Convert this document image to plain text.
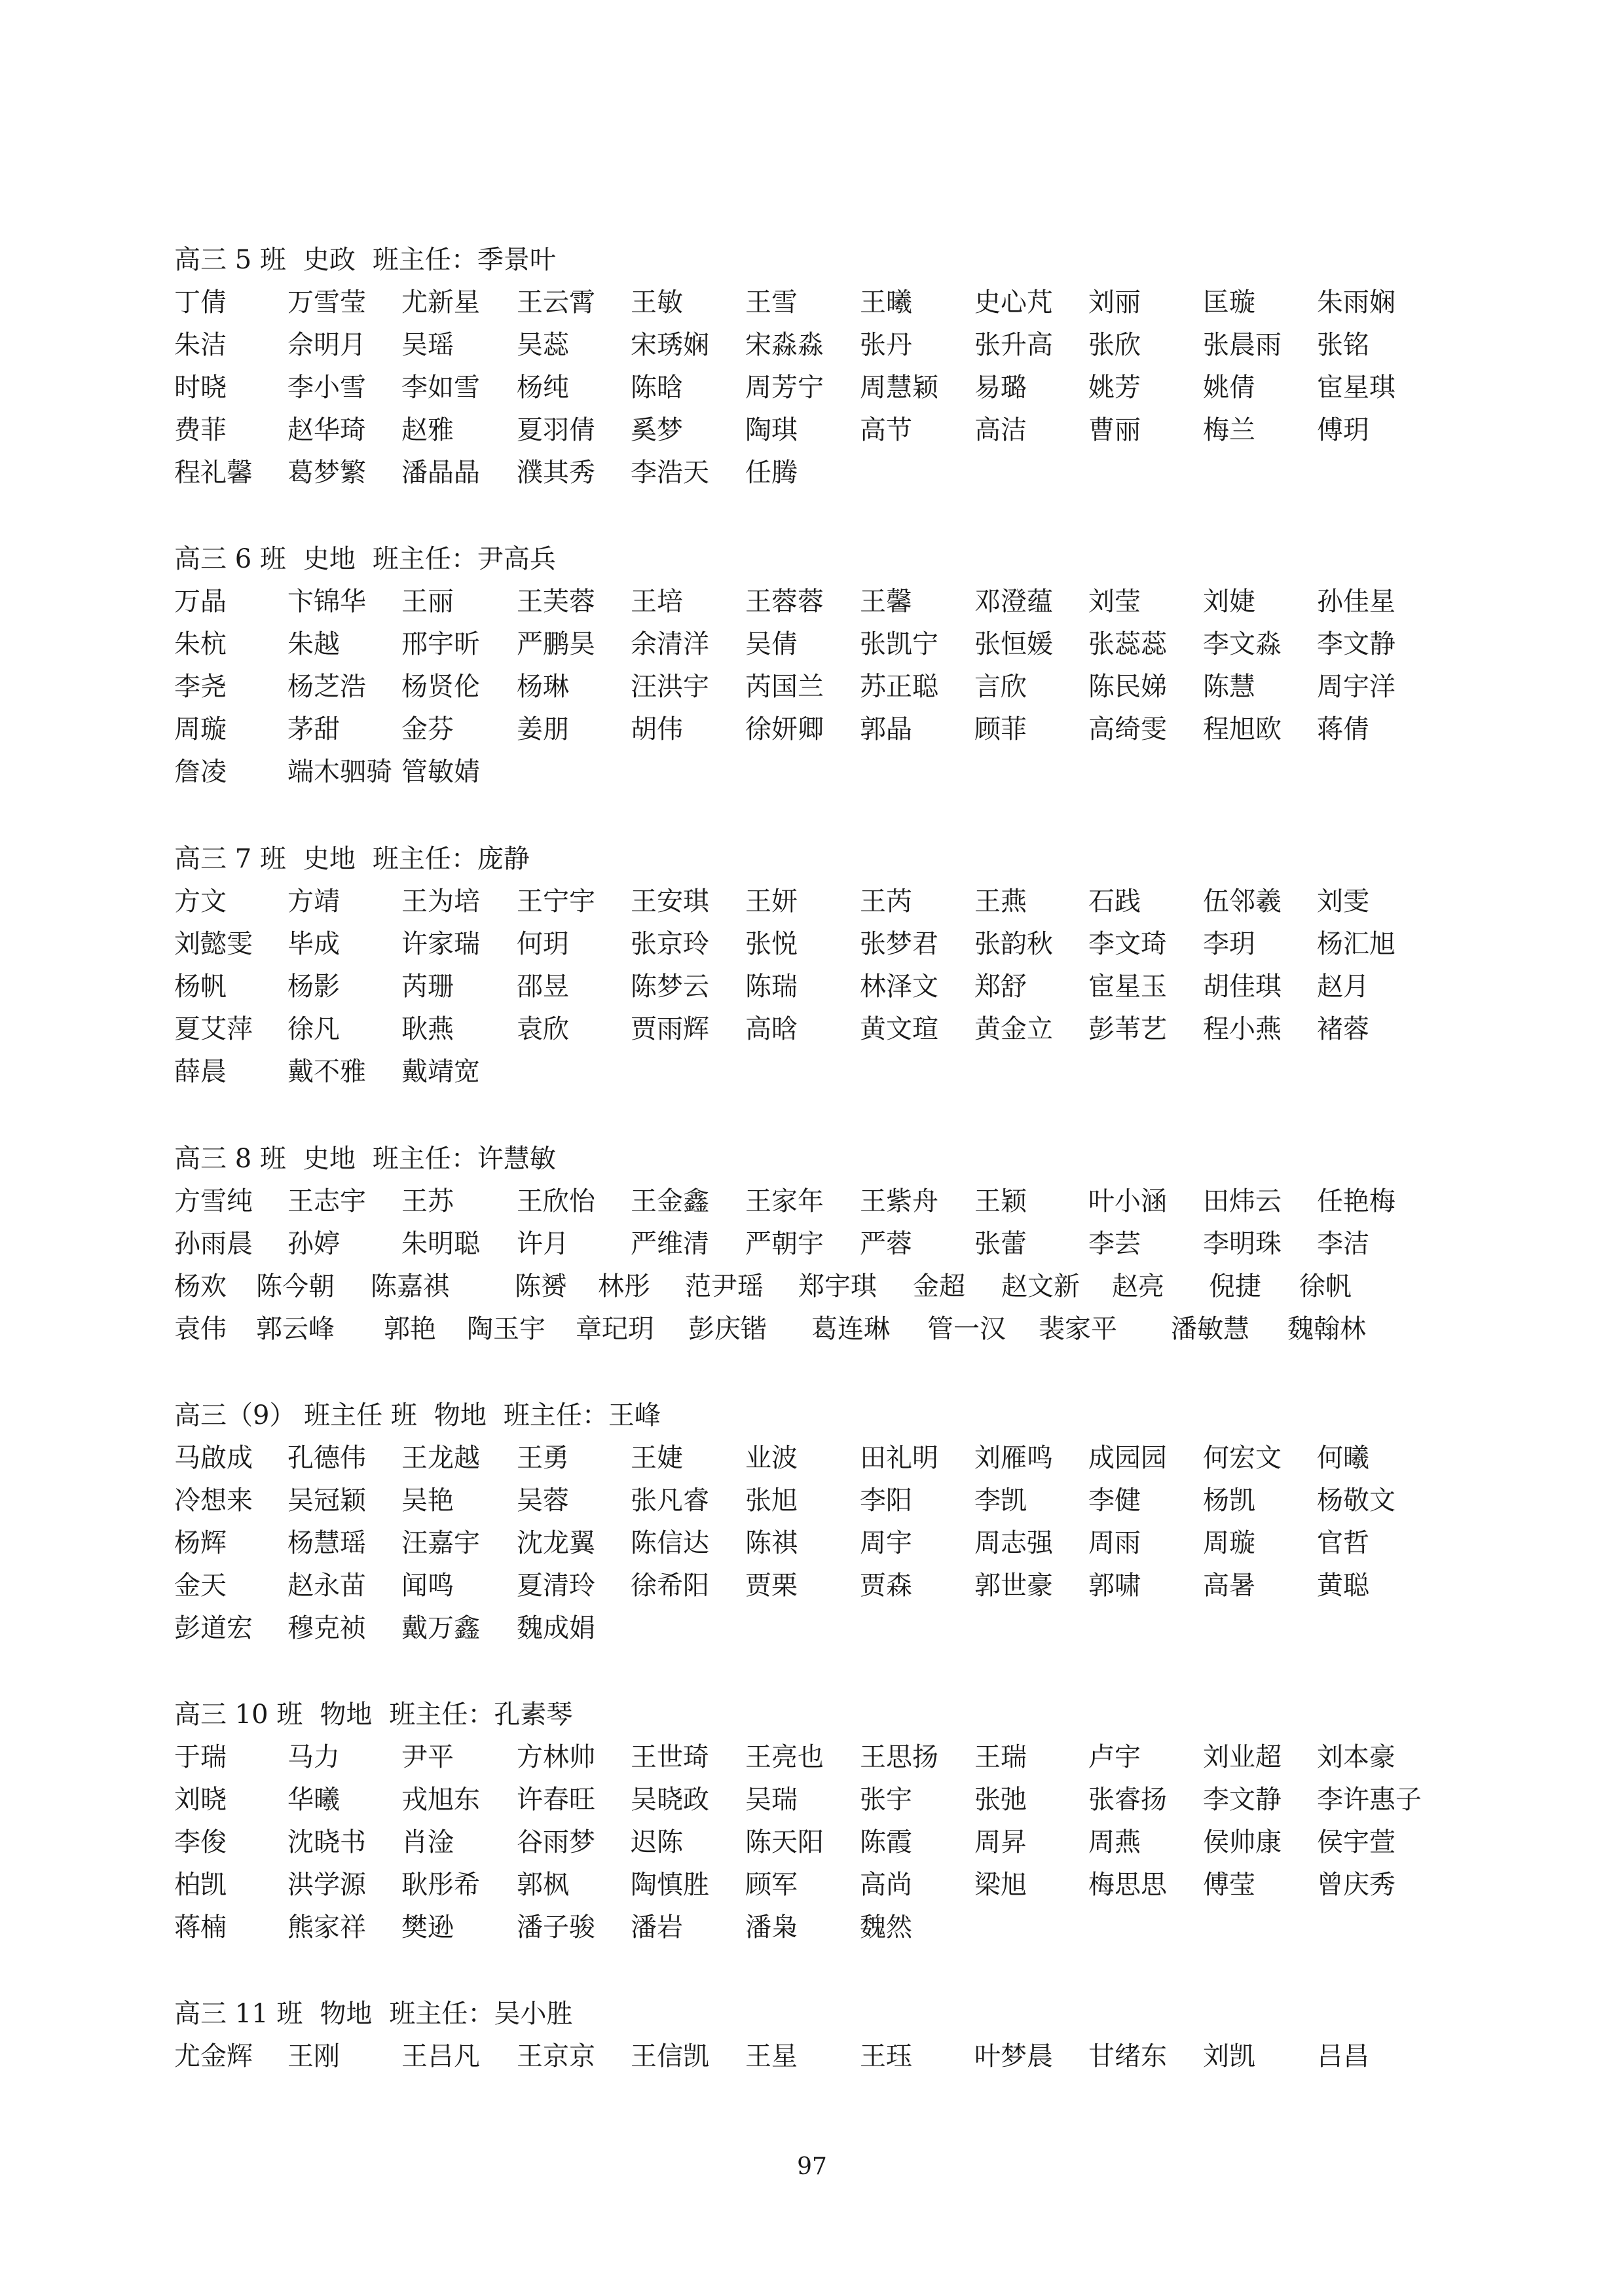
高三 5 班 史政 班主任：季景叶
丁倩 万雪莹 尤新星 王云霄 王敏 王雪 王曦 史心芃 刘丽 匡璇 朱雨娴
朱洁 佘明月 吴瑶 吴蕊 宋琇娴 宋淼淼 张丹 张升高 张欣 张晨雨 张铭
时晓 李小雪 李如雪 杨纯 陈晗 周芳宁 周慧颖 易璐 姚芳 姚倩 宦星琪
费菲 赵华琦 赵雅 夏羽倩 奚梦 陶琪 高节 高洁 曹丽 梅兰 傅玥
程礼馨 葛梦繁 潘晶晶 濮其秀 李浩天 任腾
高三 6 班 史地 班主任：尹高兵
万晶 卞锦华 王丽 王芙蓉 王培 王蓉蓉 王馨 邓澄蕴 刘莹 刘婕 孙佳星
朱杭 朱越 邢宇昕 严鹏昊 余清洋 吴倩 张凯宁 张恒媛 张蕊蕊 李文淼 李文静
李尧 杨芝浩 杨贤伦 杨琳 汪洪宇 芮国兰 苏正聪 言欣 陈民娣 陈慧 周宇洋
周璇 茅甜 金芬 姜朋 胡伟 徐妍卿 郭晶 顾菲 高绮雯 程旭欧 蒋倩
詹凌 端木驷骑 管敏婧
高三 7 班 史地 班主任：庞静
方文 方靖 王为培 王宁宇 王安琪 王妍 王芮 王燕 石践 伍邻羲 刘雯
刘懿雯 毕成 许家瑞 何玥 张京玲 张悦 张梦君 张韵秋 李文琦 李玥 杨汇旭
杨帆 杨影 芮珊 邵昱 陈梦云 陈瑞 林泽文 郑舒 宦星玉 胡佳琪 赵月
夏艾萍 徐凡 耿燕 袁欣 贾雨辉 高晗 黄文瑄 黄金立 彭苇艺 程小燕 褚蓉
薛晨 戴不雅 戴靖宽
高三 8 班 史地 班主任：许慧敏
方雪纯 王志宇 王苏 王欣怡 王金鑫 王家年 王紫舟 王颖 叶小涵 田炜云 任艳梅
孙雨晨 孙婷 朱明聪 许月 严维清 严朝宇 严蓉 张蕾 李芸 李明珠 李洁
杨欢 陈今朝 陈嘉祺	陈赟 林彤 范尹瑶 郑宇琪 金超 赵文新 赵亮 倪捷 徐帆
袁伟 郭云峰 郭艳 陶玉宇 章玘玥 彭庆锴 葛连琳 管一汉 裴家平 潘敏慧 魏翰林
高三（9） 班主任 班 物地 班主任：王峰
马啟成 孔德伟 王龙越 王勇 王婕 业波 田礼明 刘雁鸣 成园园 何宏文 何曦
冷想来 吴冠颖 吴艳 吴蓉 张凡睿 张旭 李阳 李凯 李健 杨凯 杨敬文
杨辉 杨慧瑶 汪嘉宇 沈龙翼 陈信达 陈祺 周宇 周志强 周雨 周璇 官哲
金天 赵永苗 闻鸣 夏清玲 徐希阳 贾栗 贾森 郭世豪 郭啸 高暑 黄聪
彭道宏 穆克祯 戴万鑫 魏成娟
高三 10 班 物地 班主任：孔素琴
于瑞 马力 尹平 方林帅 王世琦 王亮也 王思扬 王瑞 卢宇 刘业超 刘本豪
刘晓 华曦 戎旭东 许春旺 吴晓政 吴瑞 张宇 张弛 张睿扬 李文静 李许惠子
李俊 沈晓书 肖淦 谷雨梦 迟陈 陈天阳 陈霞 周昇 周燕 侯帅康 侯宇萱
柏凯 洪学源 耿彤希 郭枫 陶慎胜 顾军 高尚 梁旭 梅思思 傅莹 曾庆秀
蒋楠 熊家祥 樊逊 潘子骏 潘岩 潘枭 魏然
高三 11 班 物地 班主任：吴小胜
尤金辉 王刚 王吕凡 王京京 王信凯 王星 王珏 叶梦晨 甘绪东 刘凯 吕昌
97
